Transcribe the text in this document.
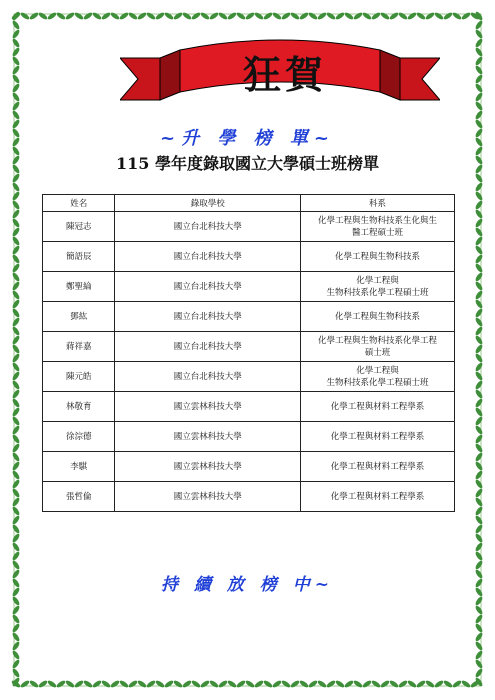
狂賀
~升 學 榜 單~
115 學年度錄取國立大學碩士班榜單
姓名	錄取學校	科系
陳冠志	國立台北科技大學	化學工程與生物科技系生化與生
醫工程碩士班

簡語辰	國立台北科技大學	化學工程與生物科技系

鄭聖綸	國立台北科技大學	化學工程與
生物科技系化學工程碩士班

鄧紘	國立台北科技大學	化學工程與生物科技系

蔣祥嘉	國立台北科技大學	化學工程與生物科技系化學工程
碩士班

陳元皓	國立台北科技大學	化學工程與
生物科技系化學工程碩士班

林敬育	國立雲林科技大學	化學工程與材料工程學系

徐淙德	國立雲林科技大學	化學工程與材料工程學系

李騏	國立雲林科技大學	化學工程與材料工程學系

張哲倫	國立雲林科技大學	化學工程與材料工程學系
持 續 放 榜 中~
